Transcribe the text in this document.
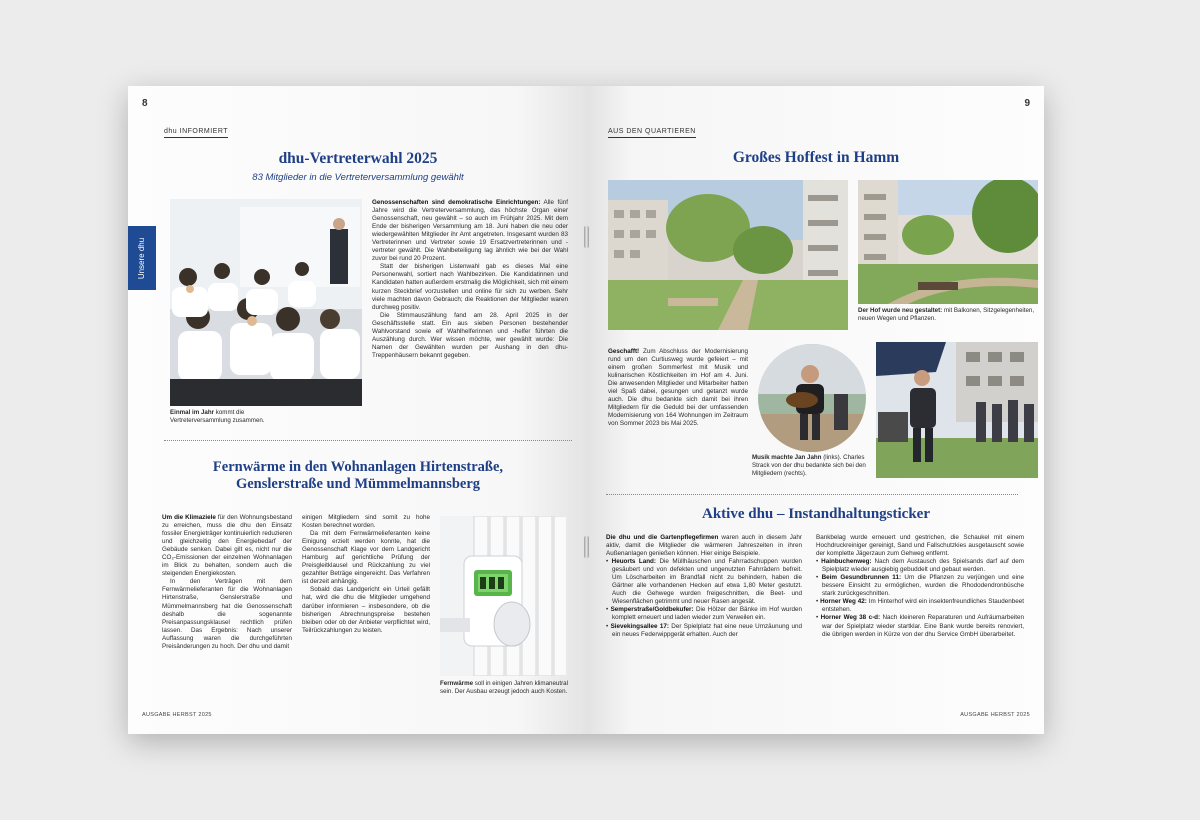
8
dhu INFORMIERT
Unsere dhu
dhu-Vertreterwahl 2025
83 Mitglieder in die Vertreterversammlung gewählt
Einmal im Jahr kommt die Vertreterversammlung zusammen.

Genossenschaften sind demokratische Einrichtungen: Alle fünf Jahre wird die Vertreterversammlung, das höchste Organ einer Genossenschaft, neu gewählt – so auch im Frühjahr 2025. Mit dem Ende der bisherigen Versammlung am 18. Juni haben die neu oder wiedergewählten Mitglieder ihr Amt angetreten. Insgesamt wurden 83 Vertreterinnen und Vertreter sowie 19 Ersatzvertreterinnen und -vertreter gewählt. Die Wahlbeteiligung lag ähnlich wie bei der Wahl zuvor bei rund 20 Prozent.

Statt der bisherigen Listenwahl gab es dieses Mal eine Personenwahl, sortiert nach Wahlbezirken. Die Kandidatinnen und Kandidaten hatten außerdem erstmalig die Möglichkeit, sich mit einem kurzen Steckbrief vorzustellen und online für sich zu werben. Sehr viele machten davon Gebrauch; die Reaktionen der Mitglieder waren durchweg positiv.

Die Stimmauszählung fand am 28. April 2025 in der Geschäftsstelle statt. Ein aus sieben Personen bestehender Wahlvorstand sowie elf Wahlhelferinnen und -helfer führten die Auszählung durch. Wer wissen möchte, wer gewählt wurde: Die Namen der Gewählten wurden per Aushang in den dhu-Treppenhäusern bekannt gegeben.

Fernwärme in den Wohnanlagen Hirtenstraße, Genslerstraße und Mümmelmannsberg

Um die Klimaziele für den Wohnungsbestand zu erreichen, muss die dhu den Einsatz fossiler Energieträger kontinuierlich reduzieren und gleichzeitig den Energiebedarf der Gebäude senken. Dabei gilt es, nicht nur die CO₂-Emissionen der einzelnen Wohnanlagen im Blick zu behalten, sondern auch die steigenden Energiekosten.

In den Verträgen mit dem Fernwärmelieferanten für die Wohnanlagen Hirtenstraße, Genslerstraße und Mümmelmannsberg hat die Genossenschaft deshalb die sogenannte Preisanpassungsklausel rechtlich prüfen lassen. Das Ergebnis: Nach unserer Auffassung waren die durchgeführten Preisänderungen zu hoch. Der dhu und damit

einigen Mitgliedern sind somit zu hohe Kosten berechnet worden.

Da mit dem Fernwärmelieferanten keine Einigung erzielt werden konnte, hat die Genossenschaft Klage vor dem Landgericht Hamburg auf gerichtliche Prüfung der Preisgleitklausel und Rückzahlung zu viel gezahlter Beträge eingereicht. Das Verfahren ist derzeit anhängig.

Sobald das Landgericht ein Urteil gefällt hat, wird die dhu die Mitglieder umgehend darüber informieren – insbesondere, ob die bisherigen Abrechnungspreise bestehen bleiben oder ob der Anbieter verpflichtet wird, Teilrückzahlungen zu leisten.

Fernwärme soll in einigen Jahren klimaneutral sein. Der Ausbau erzeugt jedoch auch Kosten.
AUSGABE HERBST 2025
9
AUS DEN QUARTIEREN
Großes Hoffest in Hamm
Der Hof wurde neu gestaltet: mit Balkonen, Sitzgelegenheiten, neuen Wegen und Pflanzen.

Geschafft! Zum Abschluss der Modernisierung rund um den Curtiusweg wurde gefeiert – mit einem großen Sommerfest mit Musik und kulinarischen Köstlichkeiten im Hof am 4. Juni. Die anwesenden Mitglieder und Mitarbeiter hatten viel Spaß dabei, gesungen und getanzt wurde auch. Die dhu bedankte sich damit bei ihren Mitgliedern für die Geduld bei der umfassenden Modernisierung von 164 Wohnungen im Zeitraum von Sommer 2023 bis Mai 2025.

Musik machte Jan Jahn (links). Charles Strack von der dhu bedankte sich bei den Mitgliedern (rechts).
Aktive dhu – Instandhaltungsticker

Die dhu und die Gartenpflegefirmen waren auch in diesem Jahr aktiv, damit die Mitglieder die wärmeren Jahreszeiten in ihren Außenanlagen genießen können. Hier einige Beispiele.

• Heuorts Land: Die Müllhäuschen und Fahrradschuppen wurden gesäubert und von defekten und ungenutzten Fahrrädern befreit. Um Löscharbeiten im Brandfall nicht zu behindern, haben die Gärtner alle vorhandenen Hecken auf etwa 1,80 Meter gestutzt. Auch die Gehwege wurden freigeschnitten, die Beet- und Wiesenflächen getrimmt und neuer Rasen angesät.
• Semperstraße/Goldbekufer: Die Hölzer der Bänke im Hof wurden komplett erneuert und laden wieder zum Verweilen ein.
• Sievekingsallee 17: Der Spielplatz hat eine neue Umzäunung und ein neues Federwippgerät erhalten. Auch der

Bankbelag wurde erneuert und gestrichen, die Schaukel mit einem Hochdruckreiniger gereinigt, Sand und Fallschutzkies ausgetauscht sowie der komplette Jägerzaun zum Gehweg entfernt.

• Hainbuchenweg: Nach dem Austausch des Spielsands darf auf dem Spielplatz wieder ausgiebig gebuddelt und gebaut werden.
• Beim Gesundbrunnen 11: Um die Pflanzen zu verjüngen und eine bessere Einsicht zu ermöglichen, wurden die Rhododendronbüsche stark zurückgeschnitten.
• Horner Weg 42: Im Hinterhof wird ein insektenfreundliches Staudenbeet entstehen.
• Horner Weg 38 c-d: Nach kleineren Reparaturen und Aufräumarbeiten war der Spielplatz wieder startklar. Eine Bank wurde bereits renoviert, die übrigen werden in Kürze von der dhu Service GmbH überarbeitet.
AUSGABE HERBST 2025
